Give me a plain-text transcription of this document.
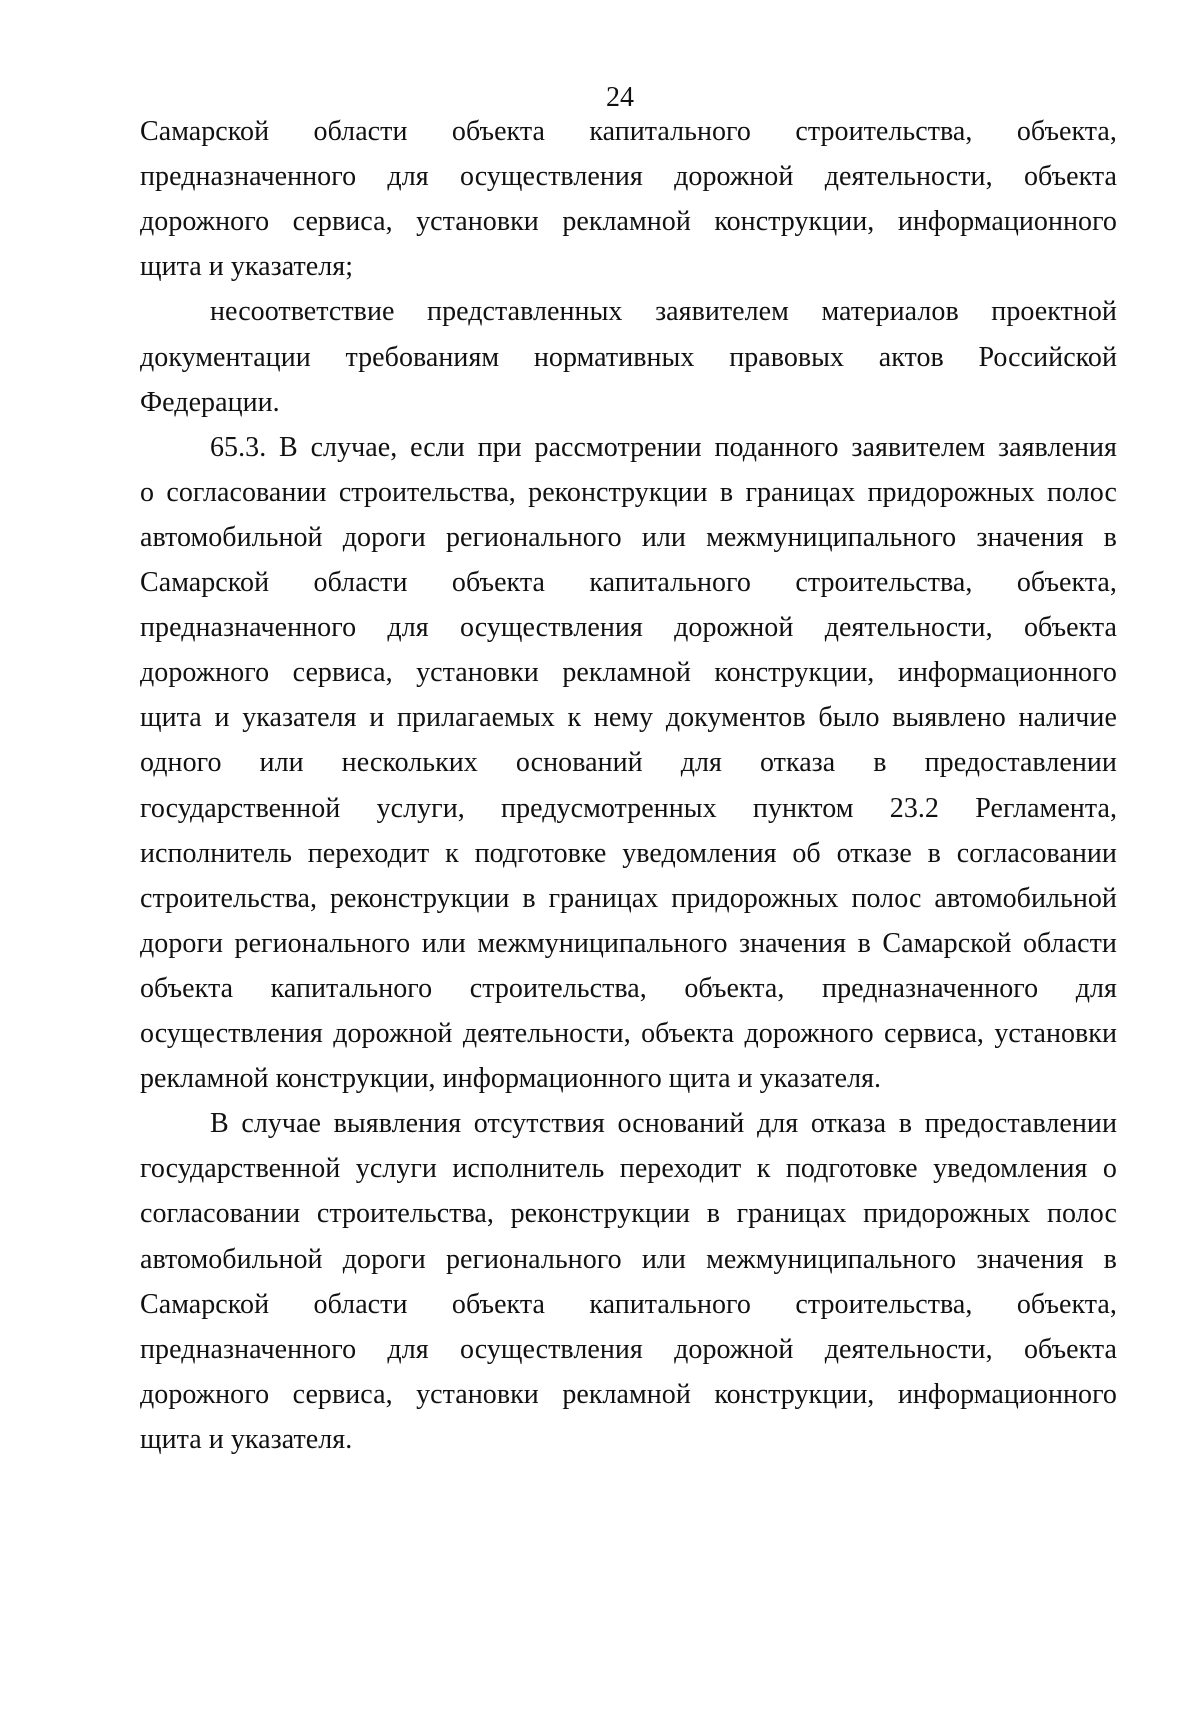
24
Самарской области объекта капитального строительства, объекта,
предназначенного для осуществления дорожной деятельности, объекта
дорожного сервиса, установки рекламной конструкции, информационного
щита и указателя;
несоответствие представленных заявителем материалов проектной
документации требованиям нормативных правовых актов Российской
Федерации.
65.3. В случае, если при рассмотрении поданного заявителем заявления
о согласовании строительства, реконструкции в границах придорожных полос
автомобильной дороги регионального или межмуниципального значения в
Самарской области объекта капитального строительства, объекта,
предназначенного для осуществления дорожной деятельности, объекта
дорожного сервиса, установки рекламной конструкции, информационного
щита и указателя и прилагаемых к нему документов было выявлено наличие
одного или нескольких оснований для отказа в предоставлении
государственной услуги, предусмотренных пунктом 23.2 Регламента,
исполнитель переходит к подготовке уведомления об отказе в согласовании
строительства, реконструкции в границах придорожных полос автомобильной
дороги регионального или межмуниципального значения в Самарской области
объекта капитального строительства, объекта, предназначенного для
осуществления дорожной деятельности, объекта дорожного сервиса, установки
рекламной конструкции, информационного щита и указателя.
В случае выявления отсутствия оснований для отказа в предоставлении
государственной услуги исполнитель переходит к подготовке уведомления о
согласовании строительства, реконструкции в границах придорожных полос
автомобильной дороги регионального или межмуниципального значения в
Самарской области объекта капитального строительства, объекта,
предназначенного для осуществления дорожной деятельности, объекта
дорожного сервиса, установки рекламной конструкции, информационного
щита и указателя.
